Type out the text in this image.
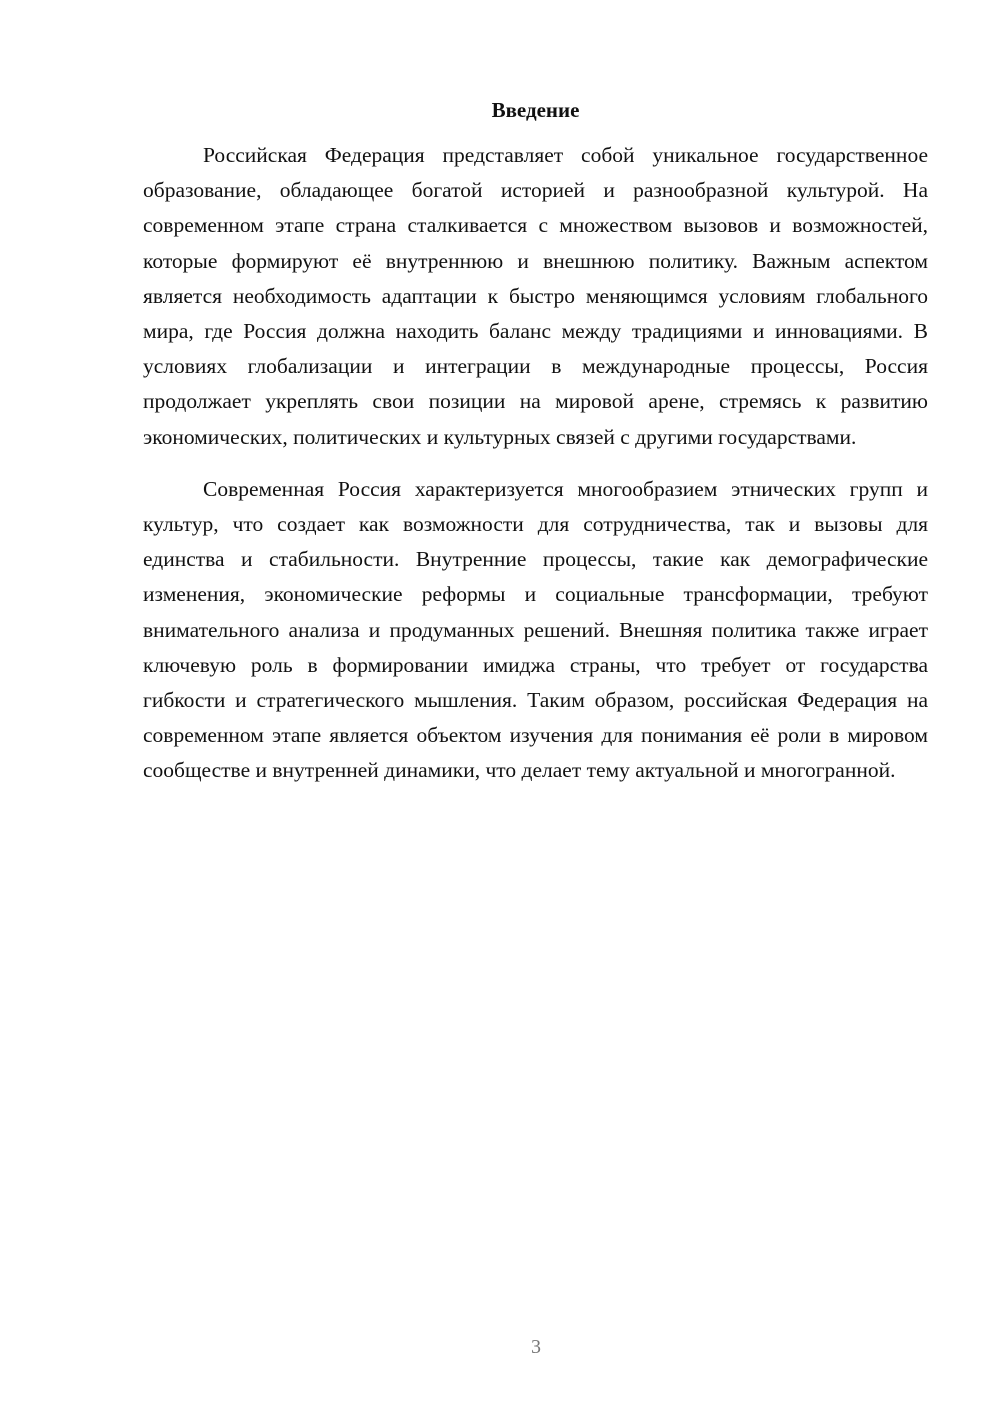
Введение

Российская Федерация представляет собой уникальное государственное образование, обладающее богатой историей и разнообразной культурой. На современном этапе страна сталкивается с множеством вызовов и возможностей, которые формируют её внутреннюю и внешнюю политику. Важным аспектом является необходимость адаптации к быстро меняющимся условиям глобального мира, где Россия должна находить баланс между традициями и инновациями. В условиях глобализации и интеграции в международные процессы, Россия продолжает укреплять свои позиции на мировой арене, стремясь к развитию экономических, политических и культурных связей с другими государствами.

Современная Россия характеризуется многообразием этнических групп и культур, что создает как возможности для сотрудничества, так и вызовы для единства и стабильности. Внутренние процессы, такие как демографические изменения, экономические реформы и социальные трансформации, требуют внимательного анализа и продуманных решений. Внешняя политика также играет ключевую роль в формировании имиджа страны, что требует от государства гибкости и стратегического мышления. Таким образом, российская Федерация на современном этапе является объектом изучения для понимания её роли в мировом сообществе и внутренней динамики, что делает тему актуальной и многогранной.

3
